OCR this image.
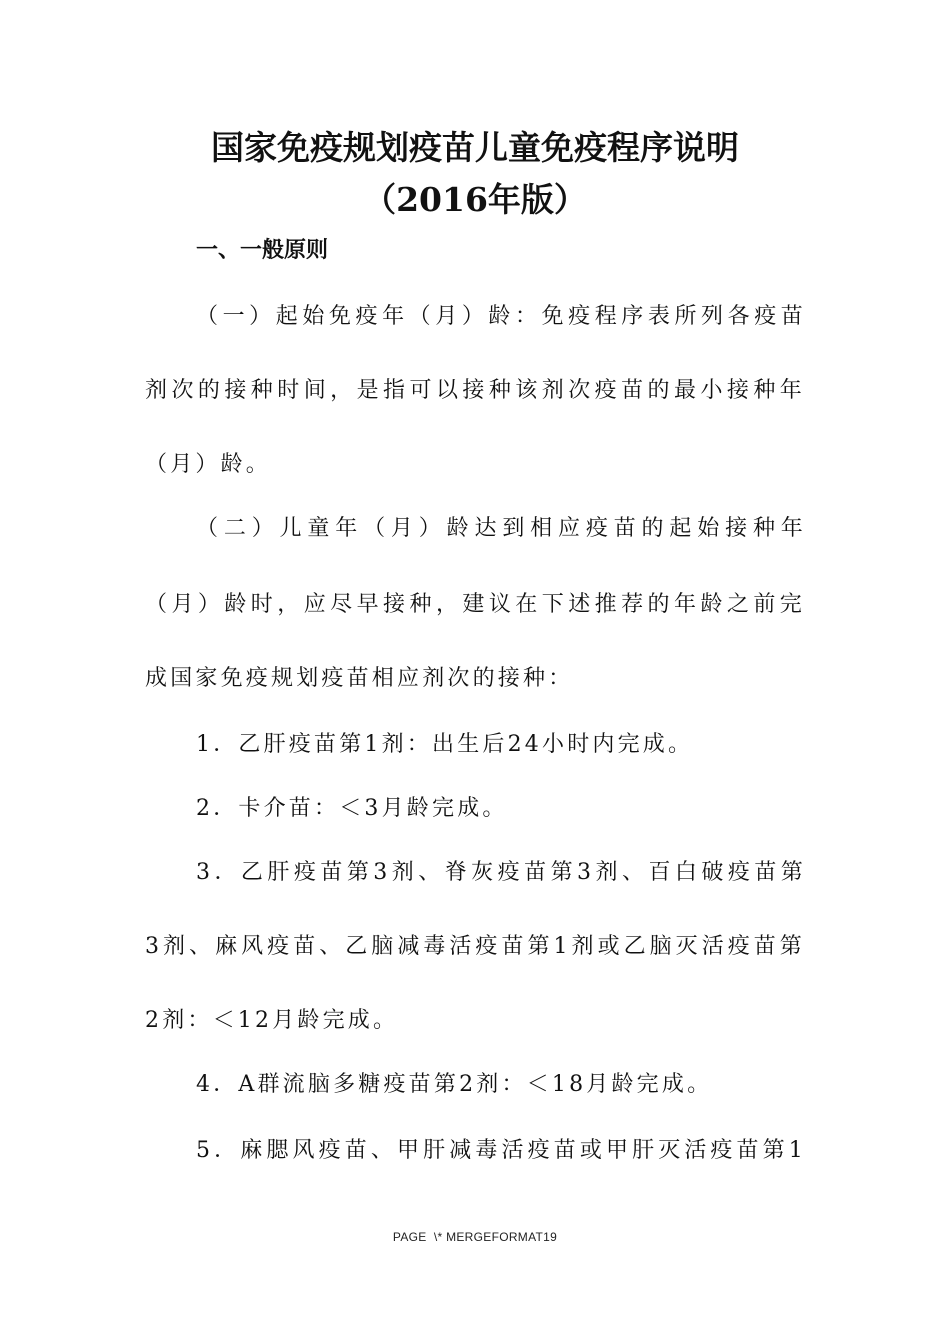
国家免疫规划疫苗儿童免疫程序说明
（2016年版）
一、一般原则

（一）起始免疫年（月）龄：免疫程序表所列各疫苗

剂次的接种时间，是指可以接种该剂次疫苗的最小接种年

（月）龄。

（二）儿童年（月）龄达到相应疫苗的起始接种年

（月）龄时，应尽早接种，建议在下述推荐的年龄之前完

成国家免疫规划疫苗相应剂次的接种：

1．乙肝疫苗第1剂：出生后24小时内完成。

2．卡介苗：＜3月龄完成。

3．乙肝疫苗第3剂、脊灰疫苗第3剂、百白破疫苗第

3剂、麻风疫苗、乙脑减毒活疫苗第1剂或乙脑灭活疫苗第

2剂：＜12月龄完成。

4．A群流脑多糖疫苗第2剂：＜18月龄完成。

5．麻腮风疫苗、甲肝减毒活疫苗或甲肝灭活疫苗第1

PAGE  \* MERGEFORMAT19
